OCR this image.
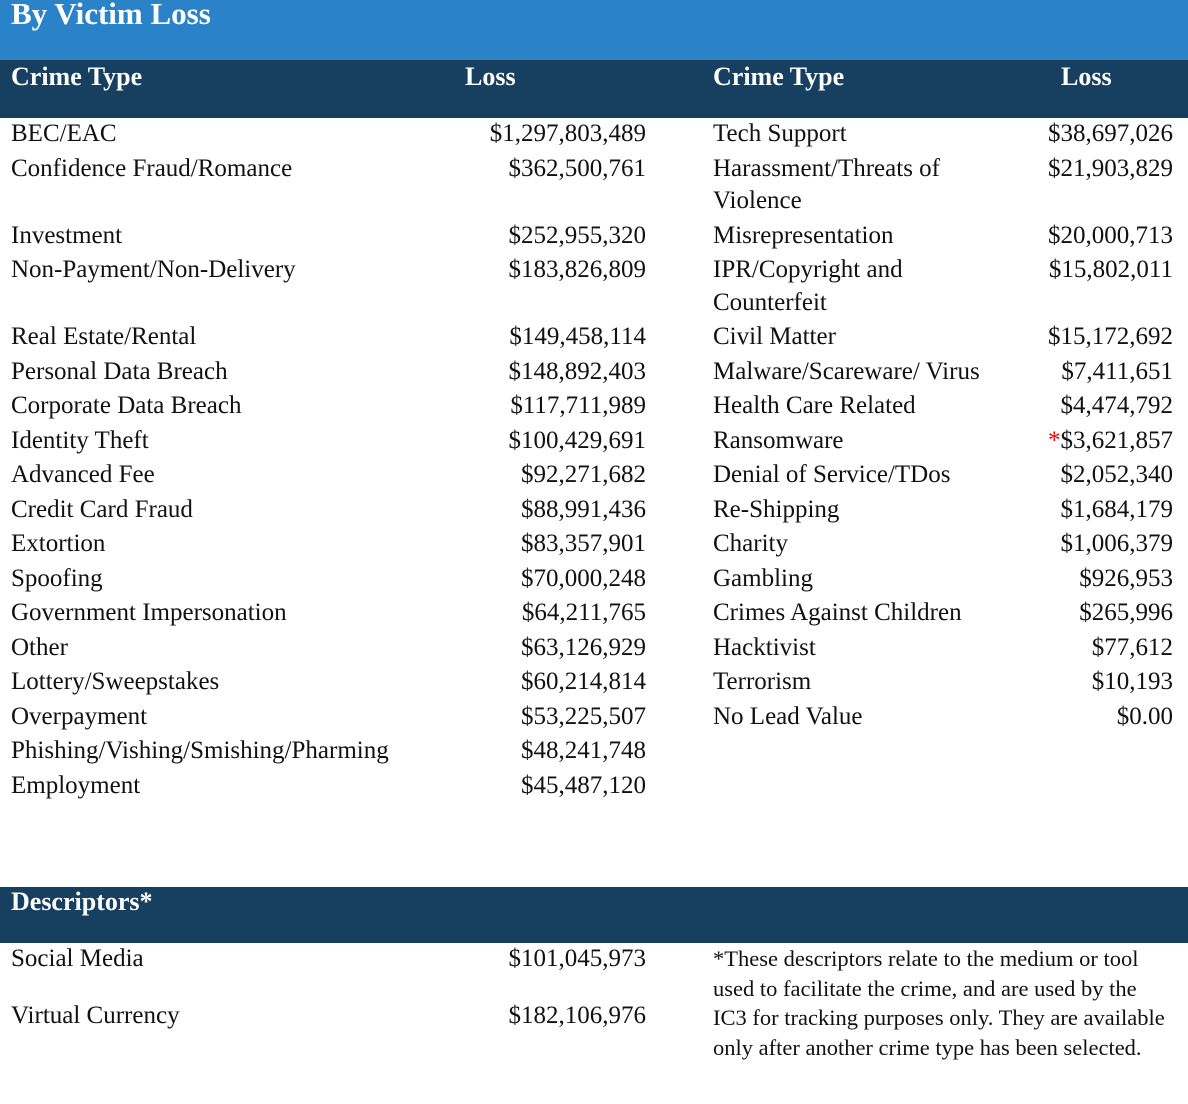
By Victim Loss
Crime Type	Loss	Crime Type	Loss
BEC/EAC	$1,297,803,489		Tech Support	$38,697,026
Confidence Fraud/Romance	$362,500,761		Harassment/Threats of Violence	$21,903,829
Investment	$252,955,320		Misrepresentation	$20,000,713
Non-Payment/Non-Delivery	$183,826,809		IPR/Copyright and Counterfeit	$15,802,011
Real Estate/Rental	$149,458,114		Civil Matter	$15,172,692
Personal Data Breach	$148,892,403		Malware/Scareware/ Virus	$7,411,651
Corporate Data Breach	$117,711,989		Health Care Related	$4,474,792
Identity Theft	$100,429,691		Ransomware	*$3,621,857
Advanced Fee	$92,271,682		Denial of Service/TDos	$2,052,340
Credit Card Fraud	$88,991,436		Re-Shipping	$1,684,179
Extortion	$83,357,901		Charity	$1,006,379
Spoofing	$70,000,248		Gambling	$926,953
Government Impersonation	$64,211,765		Crimes Against Children	$265,996
Other	$63,126,929		Hacktivist	$77,612
Lottery/Sweepstakes	$60,214,814		Terrorism	$10,193
Overpayment	$53,225,507		No Lead Value	$0.00
Phishing/Vishing/Smishing/Pharming	$48,241,748			
Employment	$45,487,120			
Descriptors*
Social Media	$101,045,973
Virtual Currency	$182,106,976
*These descriptors relate to the medium or tool used to facilitate the crime, and are used by the IC3 for tracking purposes only. They are available only after another crime type has been selected.
